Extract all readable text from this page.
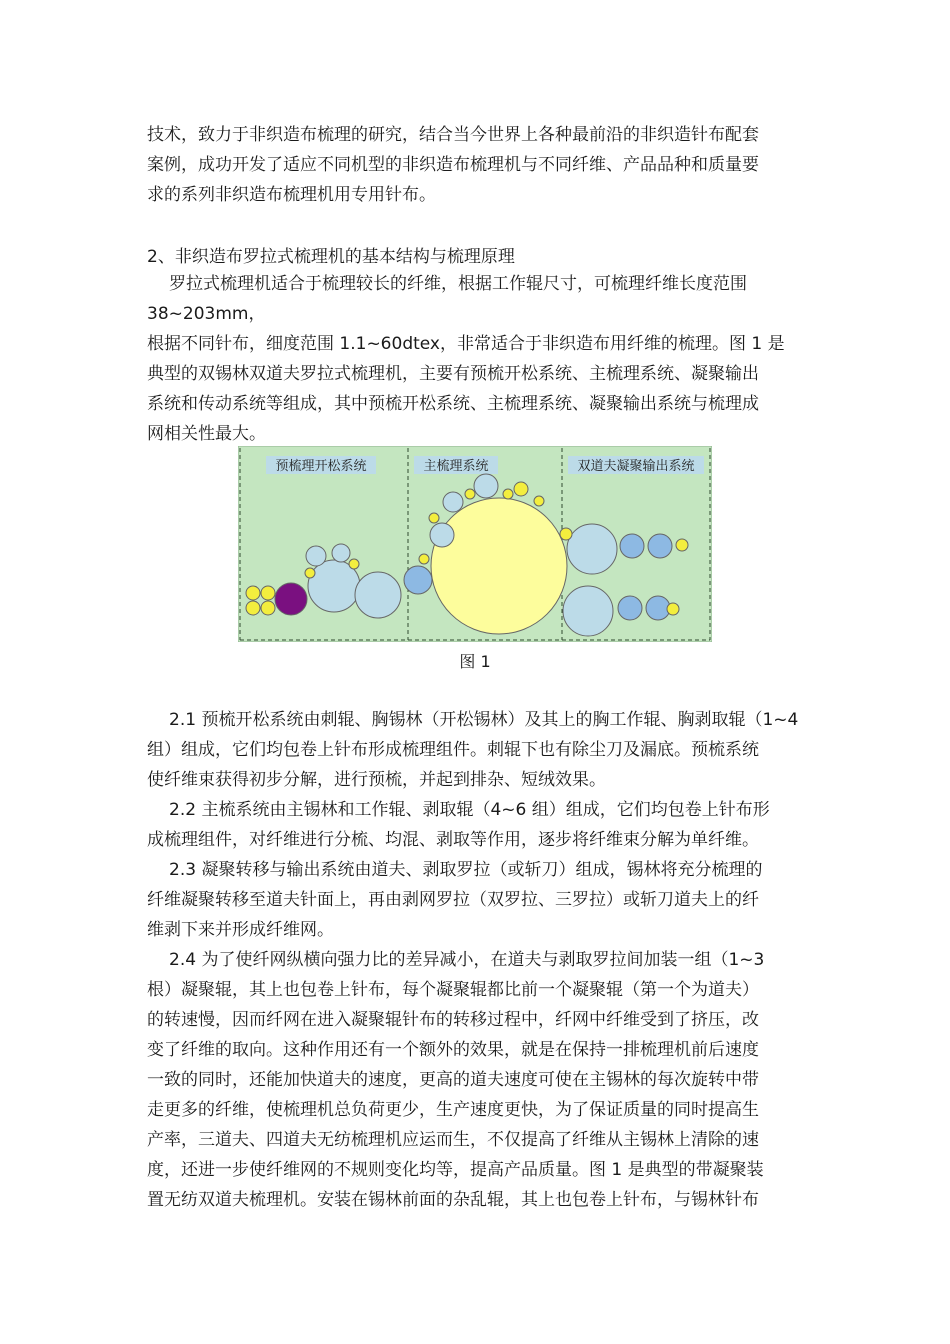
技术，致力于非织造布梳理的研究，结合当今世界上各种最前沿的非织造针布配套
案例，成功开发了适应不同机型的非织造布梳理机与不同纤维、产品品种和质量要
求的系列非织造布梳理机用专用针布。
2、非织造布罗拉式梳理机的基本结构与梳理原理
罗拉式梳理机适合于梳理较长的纤维，根据工作辊尺寸，可梳理纤维长度范围
38~203mm，
根据不同针布，细度范围 1.1~60dtex，非常适合于非织造布用纤维的梳理。图 1 是
典型的双锡林双道夫罗拉式梳理机，主要有预梳开松系统、主梳理系统、凝聚输出
系统和传动系统等组成，其中预梳开松系统、主梳理系统、凝聚输出系统与梳理成
网相关性最大。
预梳理开松系统	主梳理系统	双道夫凝聚输出系统
图 1
2.1 预梳开松系统由刺辊、胸锡林（开松锡林）及其上的胸工作辊、胸剥取辊（1~4
组）组成，它们均包卷上针布形成梳理组件。刺辊下也有除尘刀及漏底。预梳系统
使纤维束获得初步分解，进行预梳，并起到排杂、短绒效果。
2.2 主梳系统由主锡林和工作辊、剥取辊（4~6 组）组成，它们均包卷上针布形
成梳理组件，对纤维进行分梳、均混、剥取等作用，逐步将纤维束分解为单纤维。
2.3 凝聚转移与输出系统由道夫、剥取罗拉（或斩刀）组成，锡林将充分梳理的
纤维凝聚转移至道夫针面上，再由剥网罗拉（双罗拉、三罗拉）或斩刀道夫上的纤
维剥下来并形成纤维网。
2.4 为了使纤网纵横向强力比的差异减小，在道夫与剥取罗拉间加装一组（1~3
根）凝聚辊，其上也包卷上针布，每个凝聚辊都比前一个凝聚辊（第一个为道夫）
的转速慢，因而纤网在进入凝聚辊针布的转移过程中，纤网中纤维受到了挤压，改
变了纤维的取向。这种作用还有一个额外的效果，就是在保持一排梳理机前后速度
一致的同时，还能加快道夫的速度，更高的道夫速度可使在主锡林的每次旋转中带
走更多的纤维，使梳理机总负荷更少，生产速度更快，为了保证质量的同时提高生
产率，三道夫、四道夫无纺梳理机应运而生，不仅提高了纤维从主锡林上清除的速
度，还进一步使纤维网的不规则变化均等，提高产品质量。图 1 是典型的带凝聚装
置无纺双道夫梳理机。安装在锡林前面的杂乱辊，其上也包卷上针布，与锡林针布
